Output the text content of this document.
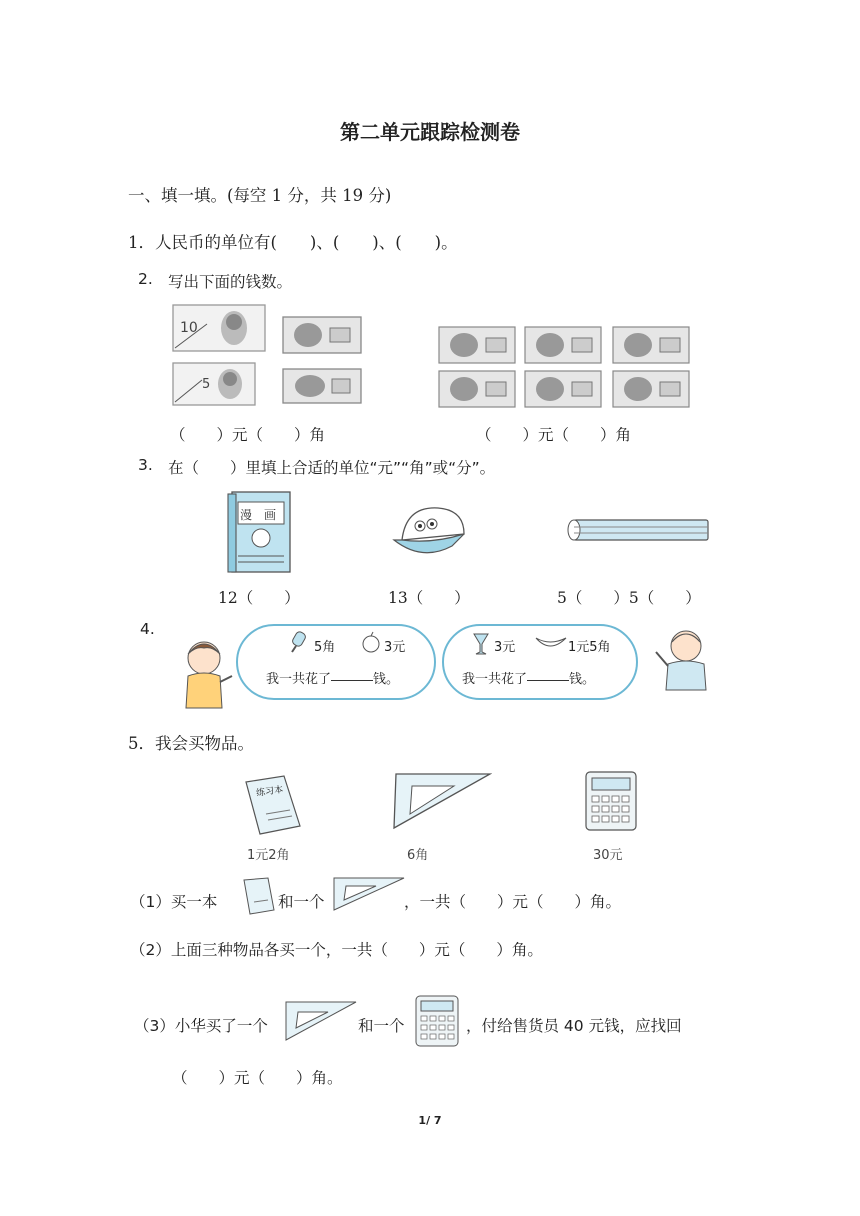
第二单元跟踪检测卷
一、填一填。(每空 1 分，共 19 分)
1．人民币的单位有(　　)、(　　)、(　　)。
2. 写出下面的钱数。
10
5
（　　）元（　　）角	（　　）元（　　）角
3. 在（　　）里填上合适的单位“元”“角”或“分”。
漫　画
12（　　）	13（　　）	5（　　）5（　　）
4.
5角	3元
我一共花了	钱。
3元	1元5角
我一共花了	钱。
5．我会买物品。
练习本
1元2角	6角	30元
（1）买一本	和一个	，一共（　　）元（　　）角。
（2）上面三种物品各买一个，一共（　　）元（　　）角。
（3）小华买了一个	和一个	，付给售货员 40 元钱，应找回
（　　）元（　　）角。
1/ 7
